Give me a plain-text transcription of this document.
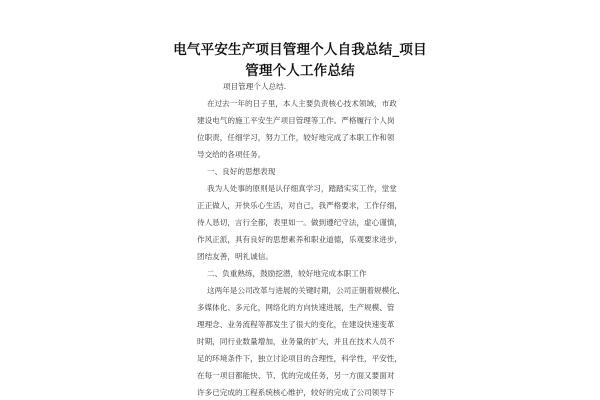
电气平安生产项目管理个人自我总结_项目
管理个人工作总结
项目管理个人总结.
在过去一年的日子里，本人主要负责核心技术领域，市政
建设电气的施工平安生产项目管理等工作。严格履行个人岗
位职责，任细学习，努力工作，较好地完成了本职工作和领
导交给的各项任务。
一、良好的思想表现
我为人处事的原则是认仔细真学习，踏踏实实工作，堂堂
正正做人，开快乐心生活，对自己，我严格要求，工作仔细，
待人恳切，言行全都，表里如一。做到遵纪守法，虚心谨慎，
作风正派，具有良好的思想素养和职业道德，乐观要求进步，
团结友善，明礼诚信。
二、负重熟练，鼓励挖潜，较好地完成本职工作
这两年是公司改革与进展的关键时期，公司正朝着规模化、
多媒体化、多元化，网络化的方向快速进展，生产规模、管
理理念、业务流程等都发生了很大的变化，在建设快速变革
时期，同行业数量增加，业务量的扩大，并且在技术人员不
足的环境条件下，独立讨论项目的合理性，科学性，平安性，
在每一项目都能快、节、优的完成任务，另一方面又要面对
许多已完成的工程系统核心维护，较好的完成了公司领导下
